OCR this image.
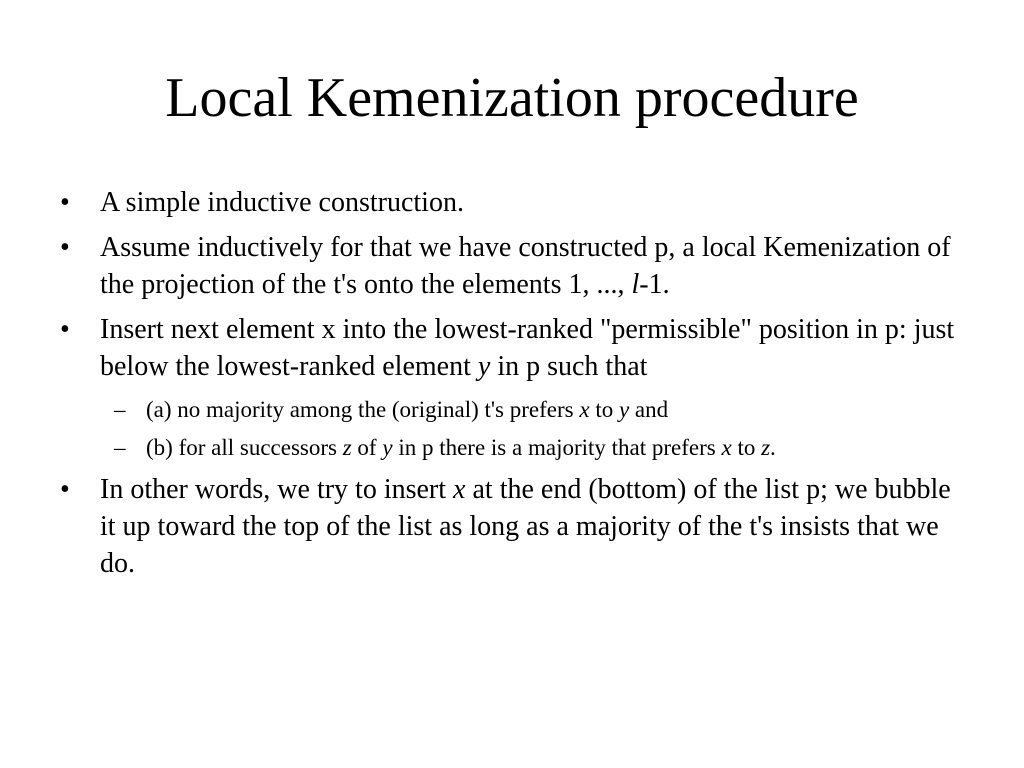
Local Kemenization procedure
• A simple inductive construction.
• Assume inductively for that we have constructed p, a local Kemenization of the projection of the t's onto the elements 1, ..., l-1.
• Insert next element x into the lowest-ranked "permissible" position in p: just below the lowest-ranked element y in p such that
– (a) no majority among the (original) t's prefers x to y and
– (b) for all successors z of y in p there is a majority that prefers x to z.
• In other words, we try to insert x at the end (bottom) of the list p; we bubble it up toward the top of the list as long as a majority of the t's insists that we do.
